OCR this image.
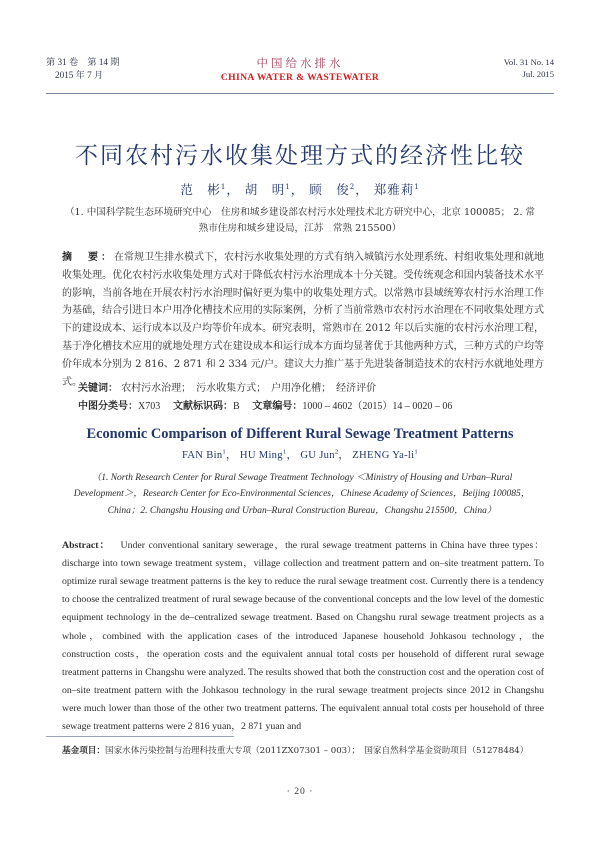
第 31 卷　第 14 期
2015 年 7 月
中国给水排水
CHINA WATER & WASTEWATER
Vol. 31 No. 14
Jul. 2015
不同农村污水收集处理方式的经济性比较
范　彬$^1$， 胡　明$^1$， 顾　俊$^2$， 郑雅莉$^1$
（1. 中国科学院生态环境研究中心　住房和城乡建设部农村污水处理技术北方研究中心，北京 100085； 2. 常熟市住房和城乡建设局，江苏　常熟 215500）
摘　要：在常规卫生排水模式下，农村污水收集处理的方式有纳入城镇污水处理系统、村组收集处理和就地收集处理。优化农村污水收集处理方式对于降低农村污水治理成本十分关键。受传统观念和国内装备技术水平的影响，当前各地在开展农村污水治理时偏好更为集中的收集处理方式。以常熟市县域统筹农村污水治理工作为基础，结合引进日本户用净化槽技术应用的实际案例，分析了当前常熟市农村污水治理在不同收集处理方式下的建设成本、运行成本以及户均等价年成本。研究表明，常熟市在 2012 年以后实施的农村污水治理工程，基于净化槽技术应用的就地处理方式在建设成本和运行成本方面均显著优于其他两种方式，三种方式的户均等价年成本分别为 2 816、2 871 和 2 334 元/户。建议大力推广基于先进装备制造技术的农村污水就地处理方式。
关键词： 农村污水治理；　污水收集方式；　户用净化槽；　经济评价
中图分类号：X703 文献标识码：B 文章编号：1000 – 4602（2015）14 – 0020 – 06
Economic Comparison of Different Rural Sewage Treatment Patterns
FAN Bin$^1$， HU Ming$^1$， GU Jun$^2$， ZHENG $Ya-li^1$
（1. North Research Center for Rural Sewage Treatment Technology ＜Ministry of Housing and Urban–Rural Development＞，Research Center for Eco-Environmental Sciences，Chinese Academy of Sciences，Beijing 100085，China；2. Changshu Housing and Urban–Rural Construction Bureau，Changshu 215500，China）
Abstract： Under conventional sanitary sewerage，the rural sewage treatment patterns in China have three types：discharge into town sewage treatment system，village collection and treatment pattern and on–site treatment pattern. To optimize rural sewage treatment patterns is the key to reduce the rural sewage treatment cost. Currently there is a tendency to choose the centralized treatment of rural sewage because of the conventional concepts and the low level of the domestic equipment technology in the de–centralized sewage treatment. Based on Changshu rural sewage treatment projects as a whole，combined with the application cases of the introduced Japanese household Johkasou technology，the construction costs，the operation costs and the equivalent annual total costs per household of different rural sewage treatment patterns in Changshu were analyzed. The results showed that both the construction cost and the operation cost of on–site treatment pattern with the Johkasou technology in the rural sewage treatment projects since 2012 in Changshu were much lower than those of the other two treatment patterns. The equivalent annual total costs per household of three sewage treatment patterns were 2 816 yuan，2 871 yuan and
基金项目：国家水体污染控制与治理科技重大专项（2011ZX07301 – 003）；　国家自然科学基金资助项目（51278484）
· 20 ·
